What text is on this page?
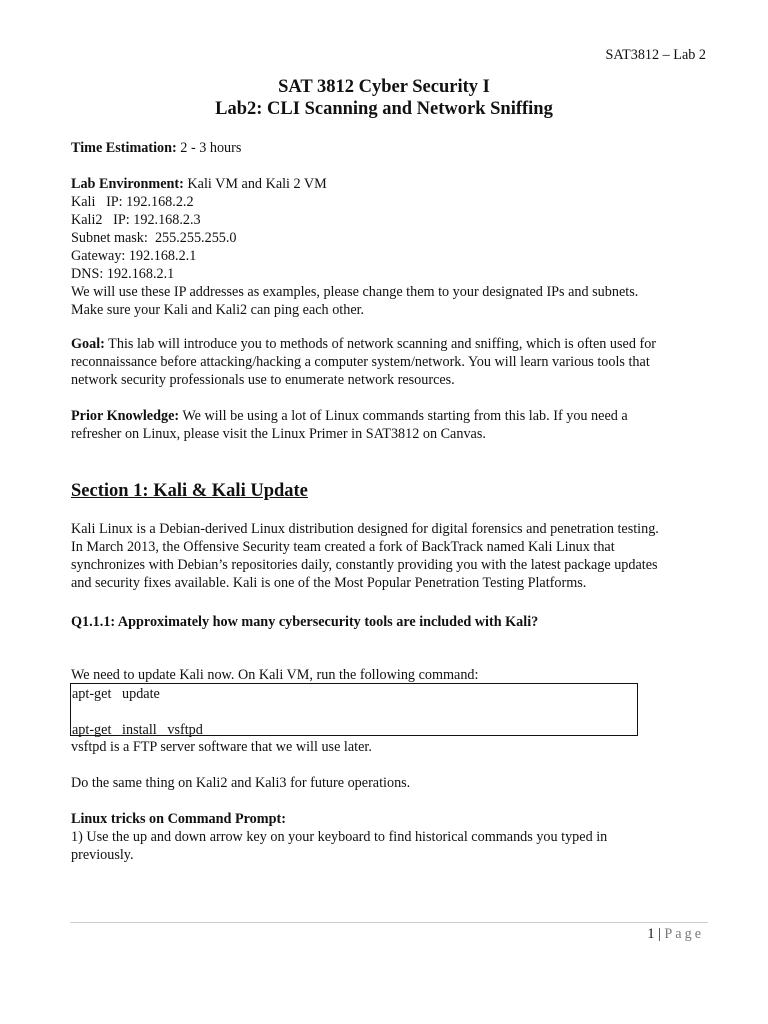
SAT3812 – Lab 2
SAT 3812 Cyber Security I
Lab2: CLI Scanning and Network Sniffing
Time Estimation: 2 - 3 hours
Lab Environment: Kali VM and Kali 2 VM
Kali   IP: 192.168.2.2
Kali2   IP: 192.168.2.3
Subnet mask:  255.255.255.0
Gateway: 192.168.2.1
DNS: 192.168.2.1
We will use these IP addresses as examples, please change them to your designated IPs and subnets.
Make sure your Kali and Kali2 can ping each other.
Goal: This lab will introduce you to methods of network scanning and sniffing, which is often used for
reconnaissance before attacking/hacking a computer system/network. You will learn various tools that
network security professionals use to enumerate network resources.
Prior Knowledge: We will be using a lot of Linux commands starting from this lab. If you need a
refresher on Linux, please visit the Linux Primer in SAT3812 on Canvas.
Section 1: Kali & Kali Update
Kali Linux is a Debian-derived Linux distribution designed for digital forensics and penetration testing.
In March 2013, the Offensive Security team created a fork of BackTrack named Kali Linux that
synchronizes with Debian’s repositories daily, constantly providing you with the latest package updates
and security fixes available. Kali is one of the Most Popular Penetration Testing Platforms.
Q1.1.1: Approximately how many cybersecurity tools are included with Kali?
We need to update Kali now. On Kali VM, run the following command:
apt-get   update

apt-get   install   vsftpd
vsftpd is a FTP server software that we will use later.
Do the same thing on Kali2 and Kali3 for future operations.
Linux tricks on Command Prompt:
1) Use the up and down arrow key on your keyboard to find historical commands you typed in
previously.
1 | Page
